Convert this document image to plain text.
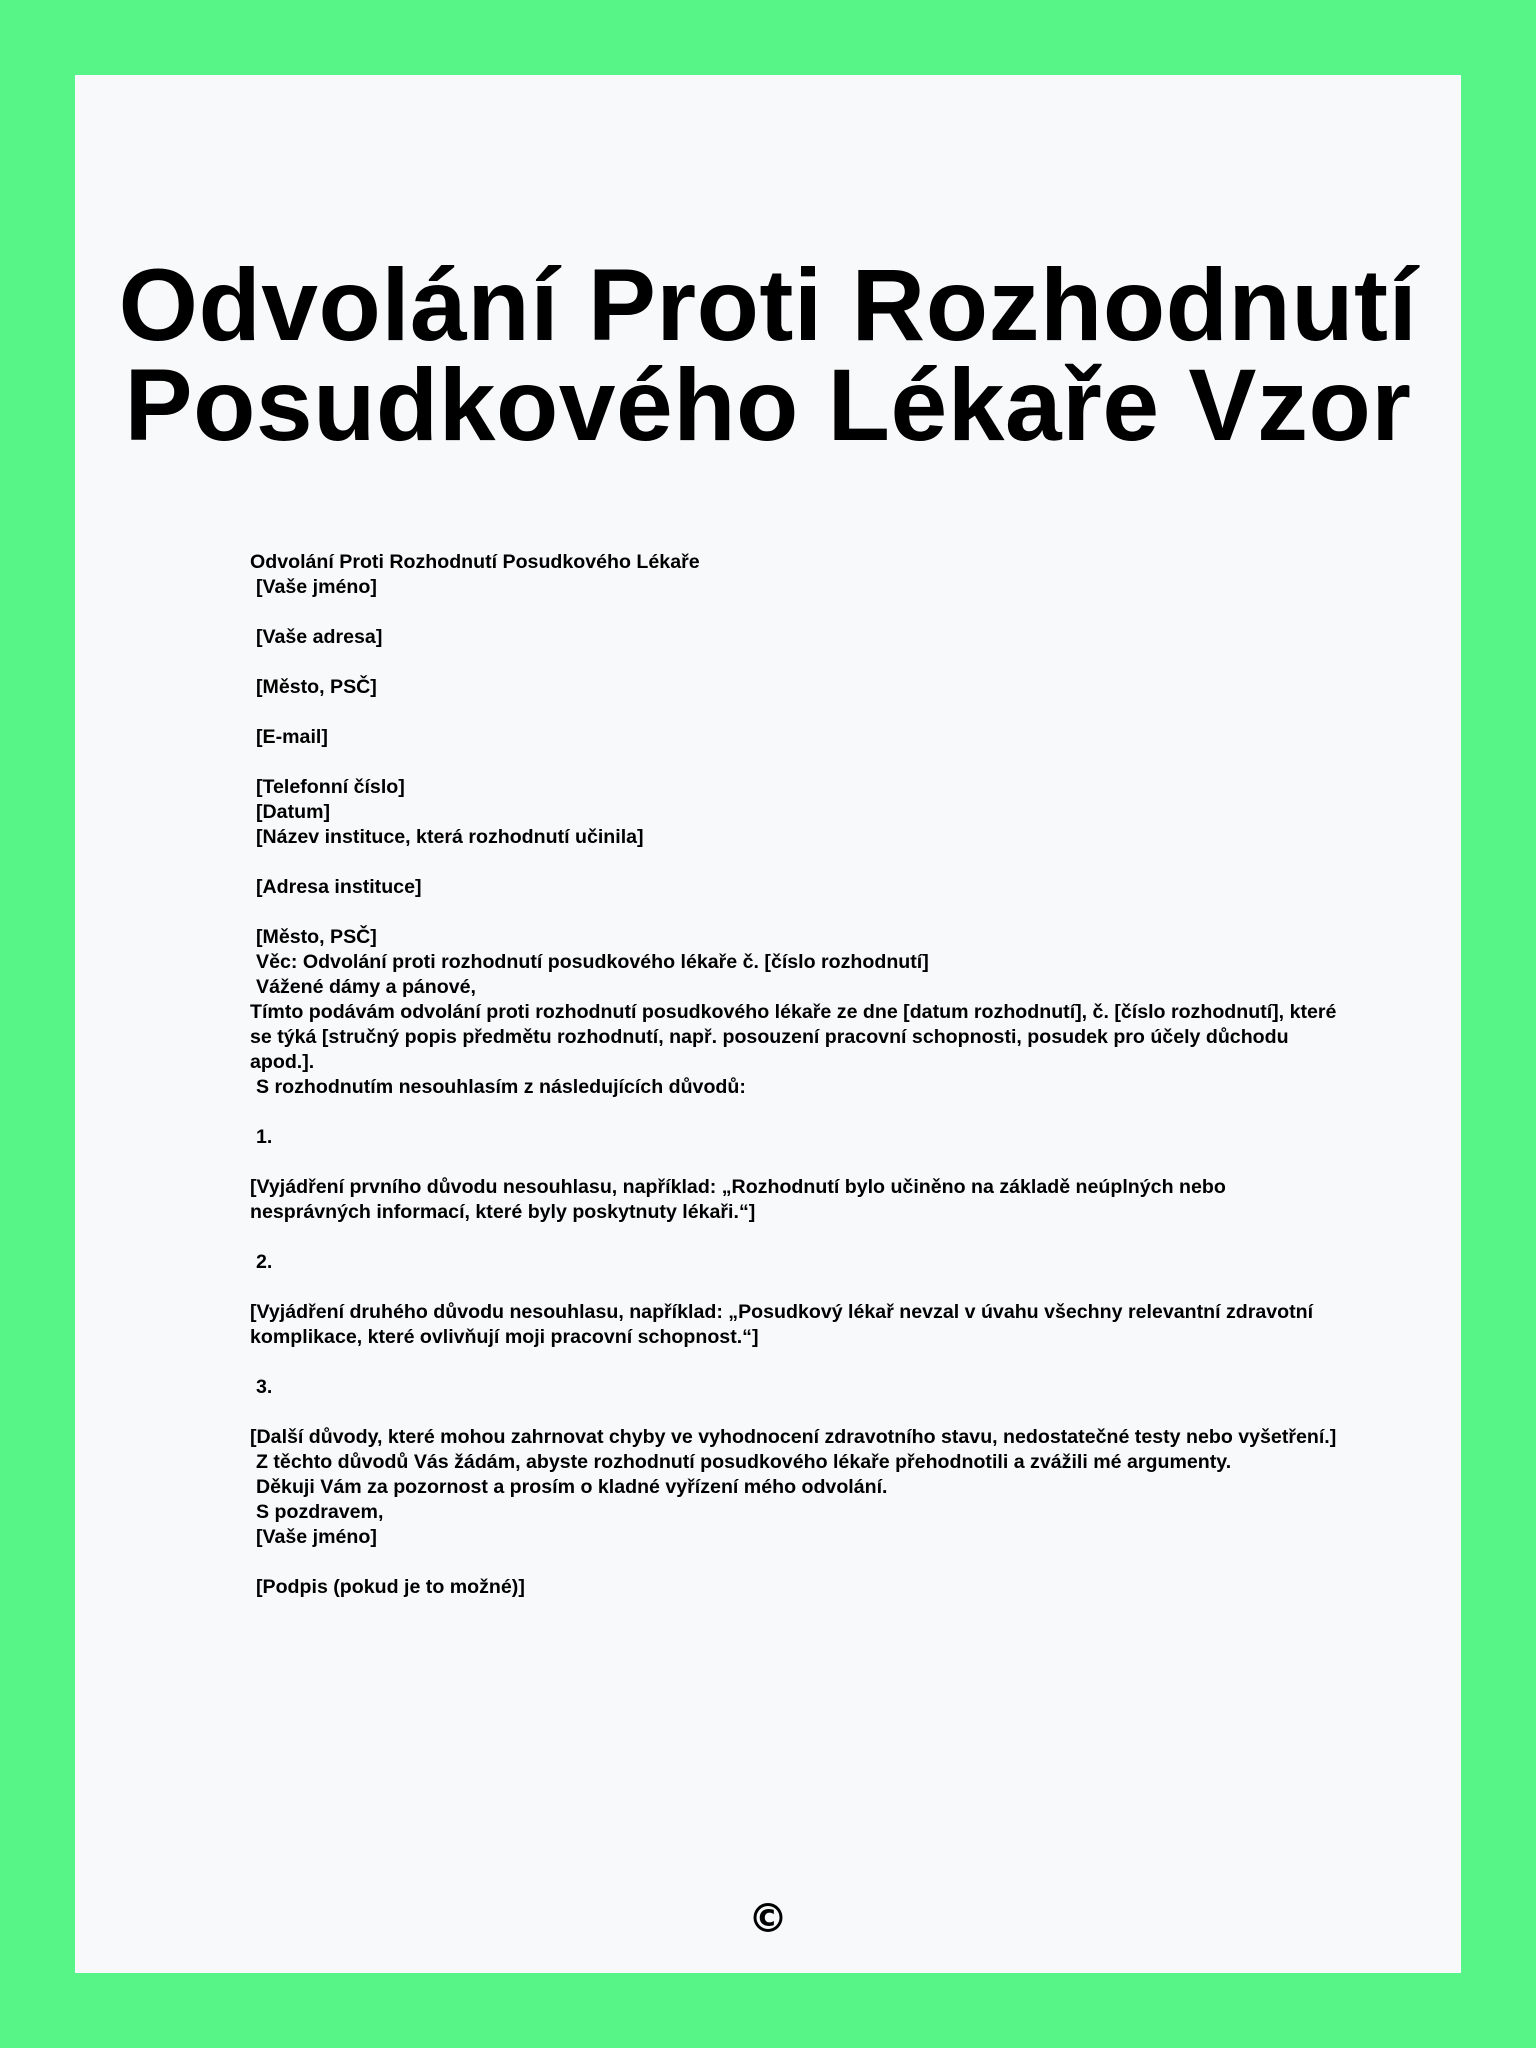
Odvolání Proti Rozhodnutí
Posudkového Lékaře Vzor
Odvolání Proti Rozhodnutí Posudkového Lékaře
[Vaše jméno]
[Vaše adresa]
[Město, PSČ]
[E-mail]
[Telefonní číslo]
[Datum]
[Název instituce, která rozhodnutí učinila]
[Adresa instituce]
[Město, PSČ]
Věc: Odvolání proti rozhodnutí posudkového lékaře č. [číslo rozhodnutí]
Vážené dámy a pánové,
Tímto podávám odvolání proti rozhodnutí posudkového lékaře ze dne [datum rozhodnutí], č. [číslo rozhodnutí], které se týká [stručný popis předmětu rozhodnutí, např. posouzení pracovní schopnosti, posudek pro účely důchodu apod.].
S rozhodnutím nesouhlasím z následujících důvodů:
1.
[Vyjádření prvního důvodu nesouhlasu, například: „Rozhodnutí bylo učiněno na základě neúplných nebo nesprávných informací, které byly poskytnuty lékaři.“]
2.
[Vyjádření druhého důvodu nesouhlasu, například: „Posudkový lékař nevzal v úvahu všechny relevantní zdravotní komplikace, které ovlivňují moji pracovní schopnost.“]
3.
[Další důvody, které mohou zahrnovat chyby ve vyhodnocení zdravotního stavu, nedostatečné testy nebo vyšetření.]
Z těchto důvodů Vás žádám, abyste rozhodnutí posudkového lékaře přehodnotili a zvážili mé argumenty.
Děkuji Vám za pozornost a prosím o kladné vyřízení mého odvolání.
S pozdravem,
[Vaše jméno]
[Podpis (pokud je to možné)]
©
